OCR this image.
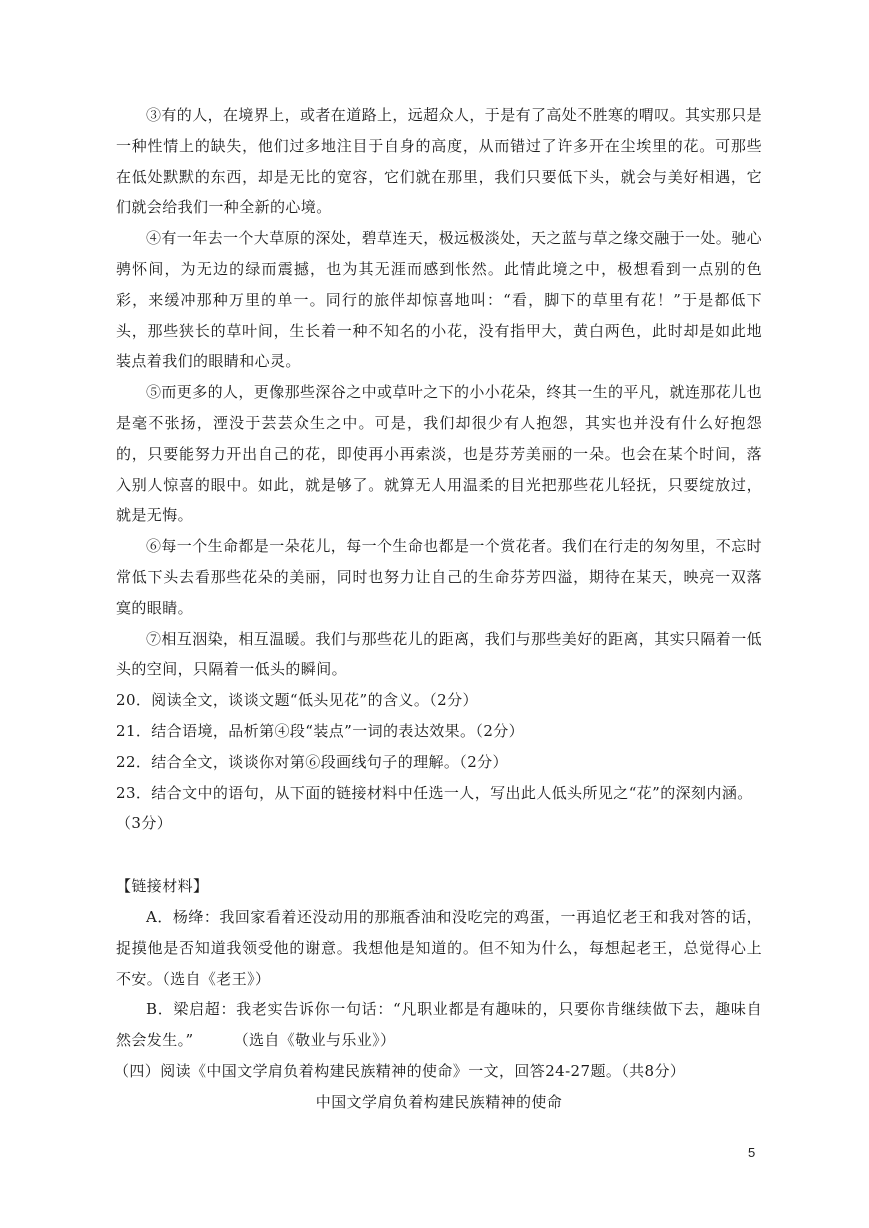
③有的人，在境界上，或者在道路上，远超众人，于是有了高处不胜寒的喟叹。其实那只是一种性情上的缺失，他们过多地注目于自身的高度，从而错过了许多开在尘埃里的花。可那些在低处默默的东西，却是无比的宽容，它们就在那里，我们只要低下头，就会与美好相遇，它们就会给我们一种全新的心境。

④有一年去一个大草原的深处，碧草连天，极远极淡处，天之蓝与草之缘交融于一处。驰心骋怀间，为无边的绿而震撼，也为其无涯而感到怅然。此情此境之中，极想看到一点别的色彩，来缓冲那种万里的单一。同行的旅伴却惊喜地叫：“看，脚下的草里有花！”于是都低下头，那些狭长的草叶间，生长着一种不知名的小花，没有指甲大，黄白两色，此时却是如此地装点着我们的眼睛和心灵。

⑤而更多的人，更像那些深谷之中或草叶之下的小小花朵，终其一生的平凡，就连那花儿也是毫不张扬，湮没于芸芸众生之中。可是，我们却很少有人抱怨，其实也并没有什么好抱怨的，只要能努力开出自己的花，即使再小再索淡，也是芬芳美丽的一朵。也会在某个时间，落入别人惊喜的眼中。如此，就是够了。就算无人用温柔的目光把那些花儿轻抚，只要绽放过，就是无悔。

⑥每一个生命都是一朵花儿，每一个生命也都是一个赏花者。我们在行走的匆匆里，不忘时常低下头去看那些花朵的美丽，同时也努力让自己的生命芬芳四溢，期待在某天，映亮一双落寞的眼睛。

⑦相互洇染，相互温暖。我们与那些花儿的距离，我们与那些美好的距离，其实只隔着一低头的空间，只隔着一低头的瞬间。

20．阅读全文，谈谈文题“低头见花”的含义。（2分）

21．结合语境，品析第④段“装点”一词的表达效果。（2分）

22．结合全文，谈谈你对第⑥段画线句子的理解。（2分）

23．结合文中的语句，从下面的链接材料中任选一人，写出此人低头所见之“花”的深刻内涵。

（3分）

【链接材料】

A．杨绛：我回家看着还没动用的那瓶香油和没吃完的鸡蛋，一再追忆老王和我对答的话，捉摸他是否知道我领受他的谢意。我想他是知道的。但不知为什么，每想起老王，总觉得心上不安。（选自《老王》）

B．梁启超：我老实告诉你一句话：“凡职业都是有趣味的，只要你肯继续做下去，趣味自然会发生。”	（选自《敬业与乐业》）

（四）阅读《中国文学肩负着构建民族精神的使命》一文，回答24-27题。（共8分）

中国文学肩负着构建民族精神的使命

5
